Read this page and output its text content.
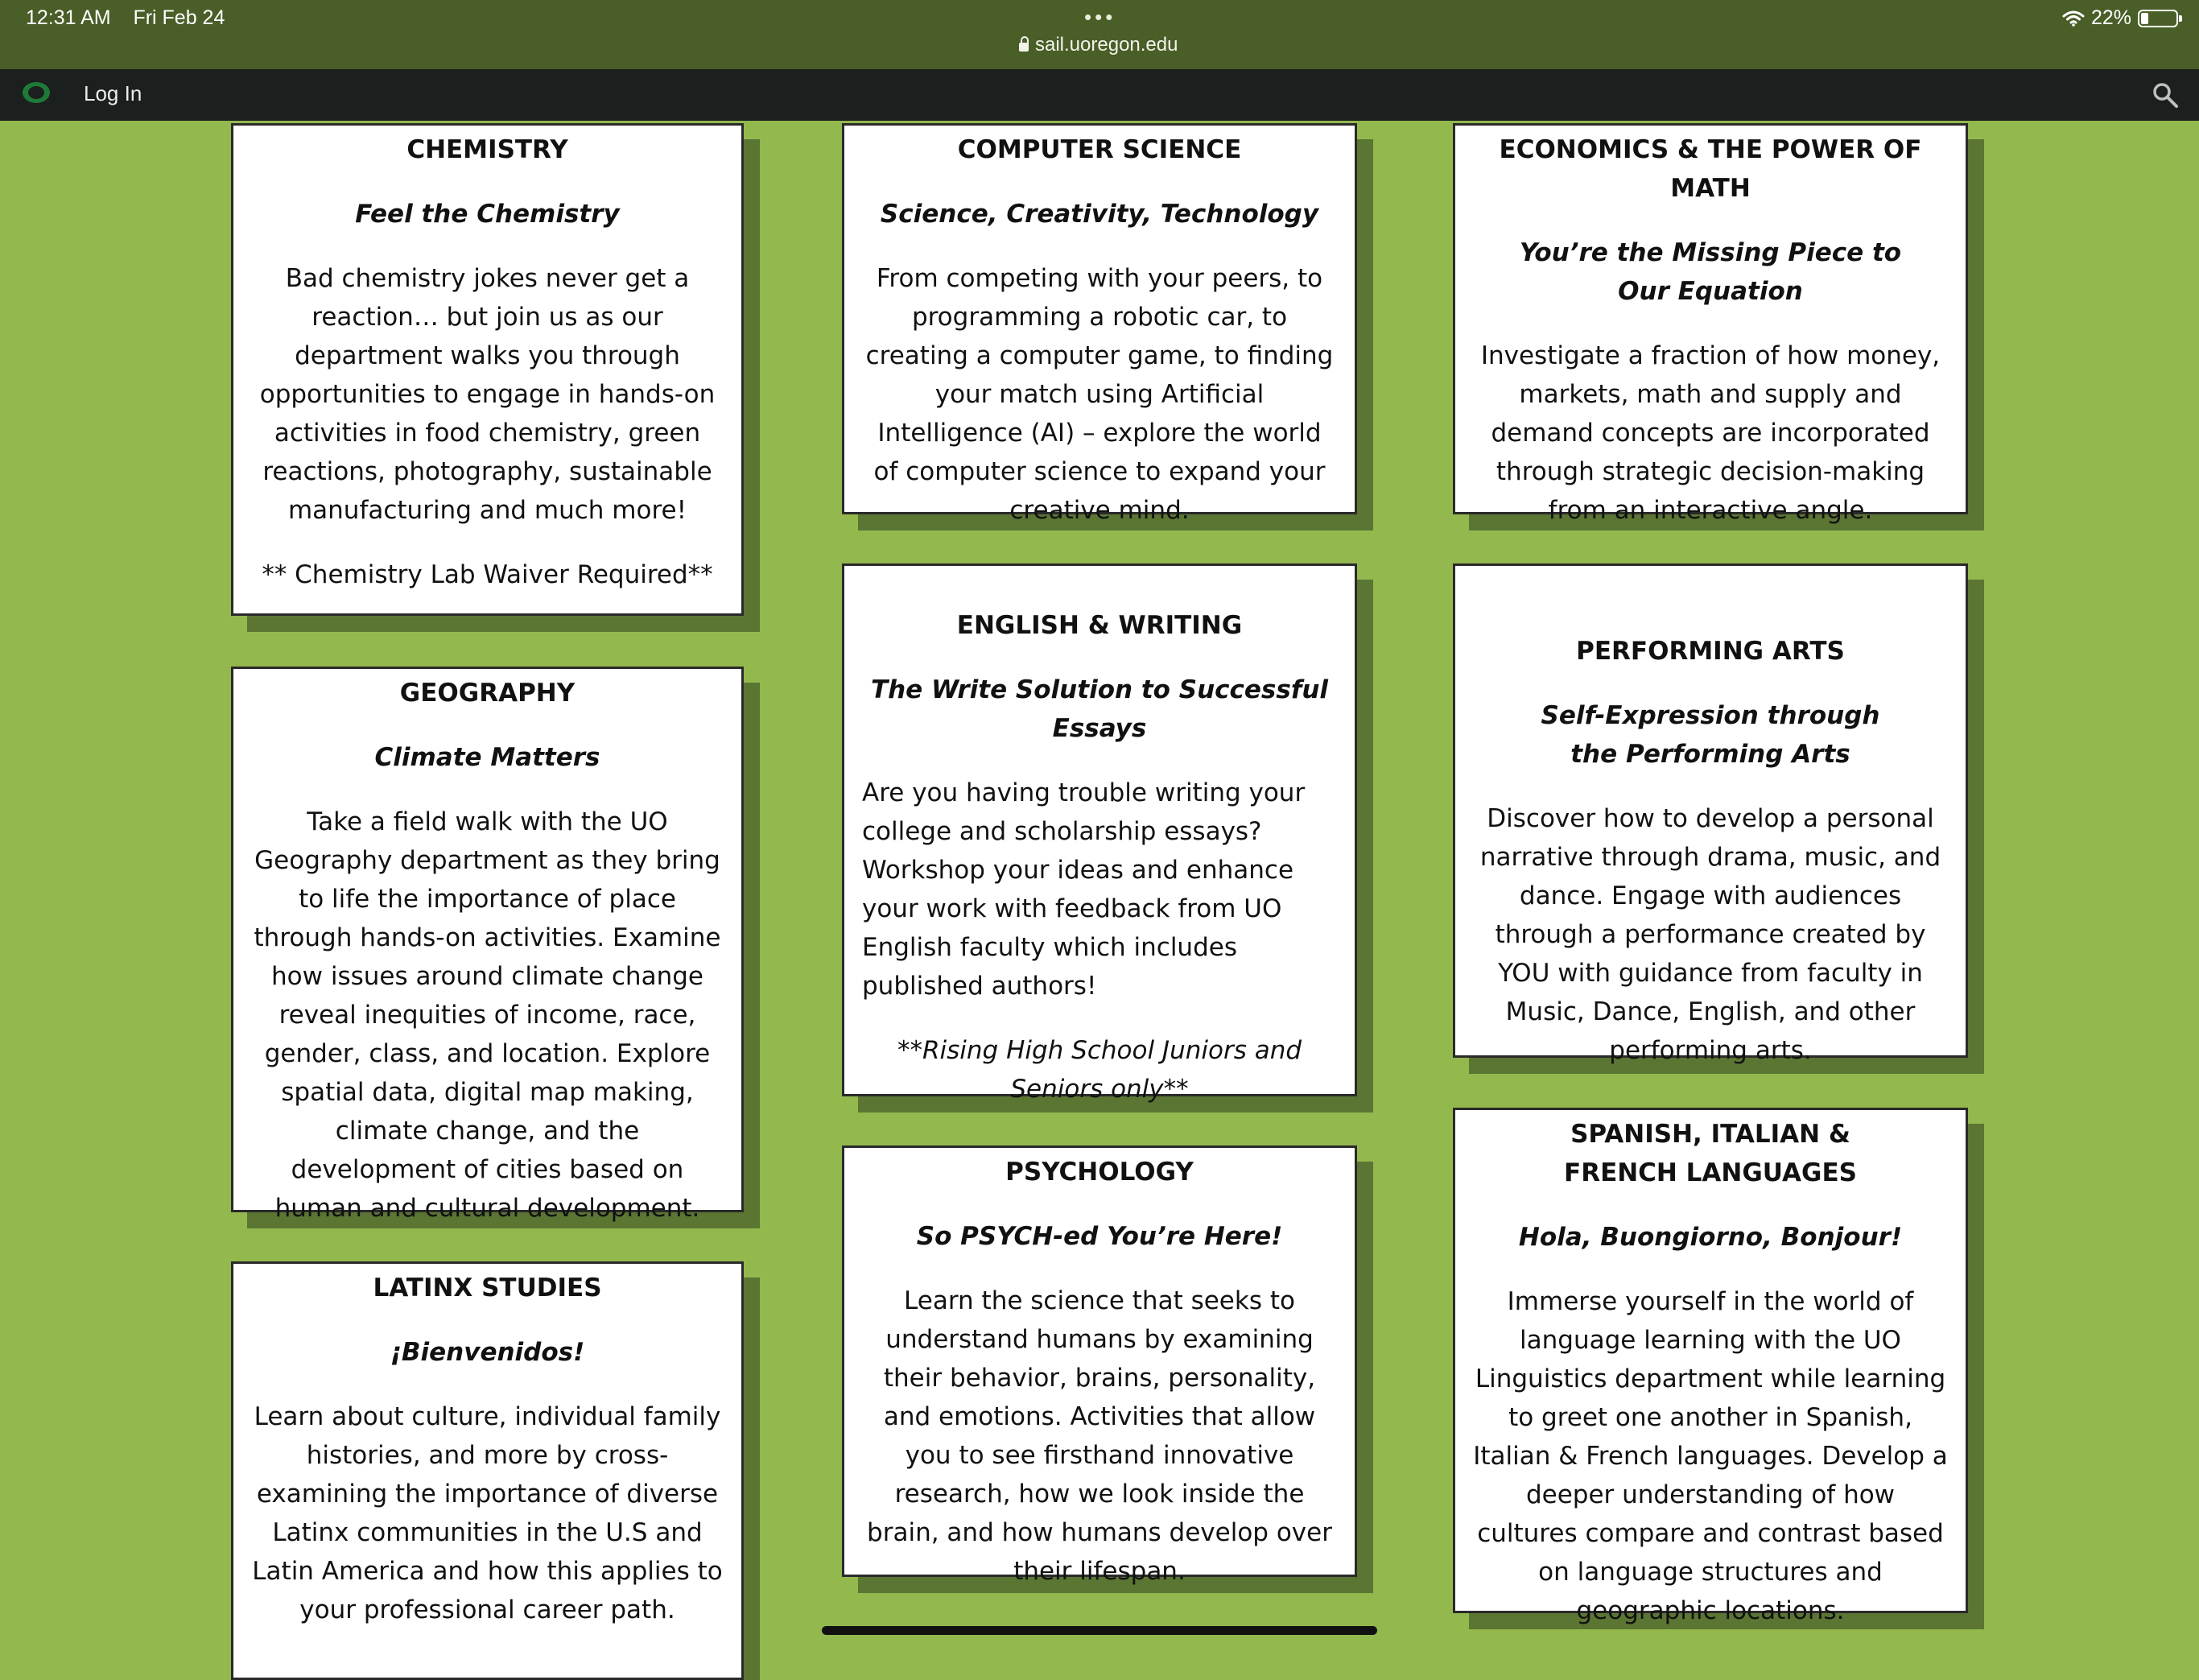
12:31 AM Fri Feb 24	•••
sail.uoregon.edu
22%
Log In
CHEMISTRY
Feel the Chemistry

Bad chemistry jokes never get a reaction… but join us as our department walks you through opportunities to engage in hands-on activities in food chemistry, green reactions, photography, sustainable manufacturing and much more!

** Chemistry Lab Waiver Required**

GEOGRAPHY
Climate Matters

Take a field walk with the UO Geography department as they bring to life the importance of place through hands-on activities. Examine how issues around climate change reveal inequities of income, race, gender, class, and location. Explore spatial data, digital map making, climate change, and the development of cities based on human and cultural development.

LATINX STUDIES
¡Bienvenidos!

Learn about culture, individual family histories, and more by cross-examining the importance of diverse Latinx communities in the U.S and Latin America and how this applies to your professional career path.

COMPUTER SCIENCE
Science, Creativity, Technology

From competing with your peers, to programming a robotic car, to creating a computer game, to finding your match using Artificial Intelligence (AI) – explore the world of computer science to expand your creative mind.

ENGLISH & WRITING
The Write Solution to Successful Essays

Are you having trouble writing your college and scholarship essays? Workshop your ideas and enhance your work with feedback from UO English faculty which includes published authors!

**Rising High School Juniors and Seniors only**

PSYCHOLOGY
So PSYCH-ed You’re Here!

Learn the science that seeks to understand humans by examining their behavior, brains, personality, and emotions. Activities that allow you to see firsthand innovative research, how we look inside the brain, and how humans develop over their lifespan.

ECONOMICS & THE POWER OF MATH
You’re the Missing Piece to Our Equation

Investigate a fraction of how money, markets, math and supply and demand concepts are incorporated through strategic decision-making from an interactive angle.

PERFORMING ARTS
Self-Expression through the Performing Arts

Discover how to develop a personal narrative through drama, music, and dance. Engage with audiences through a performance created by YOU with guidance from faculty in Music, Dance, English, and other performing arts.

SPANISH, ITALIAN & FRENCH LANGUAGES
Hola, Buongiorno, Bonjour!

Immerse yourself in the world of language learning with the UO Linguistics department while learning to greet one another in Spanish, Italian & French languages. Develop a deeper understanding of how cultures compare and contrast based on language structures and geographic locations.
